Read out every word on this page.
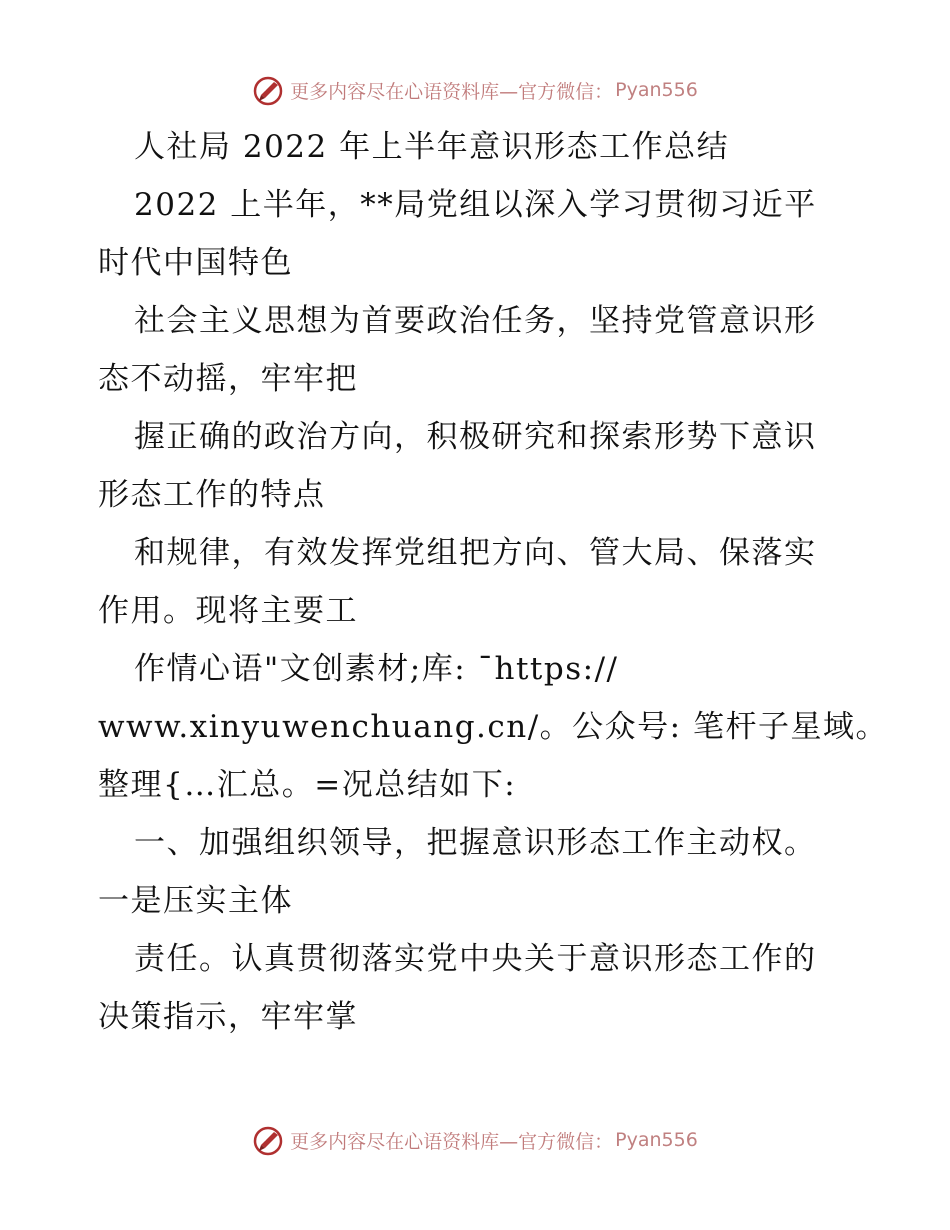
更多内容尽在心语资料库—官方微信： Pyan556
人社局 2022 年上半年意识形态工作总结
2022 上半年，**局党组以深入学习贯彻习近平
时代中国特色
社会主义思想为首要政治任务，坚持党管意识形
态不动摇，牢牢把
握正确的政治方向，积极研究和探索形势下意识
形态工作的特点
和规律，有效发挥党组把方向、管大局、保落实
作用。现将主要工
作情心语"文创素材;库: ¯https://
www.xinyuwenchuang.cn/。公众号: 笔杆子星域。
整理{…汇总。=况总结如下:
一、加强组织领导，把握意识形态工作主动权。
一是压实主体
责任。认真贯彻落实党中央关于意识形态工作的
决策指示，牢牢掌
更多内容尽在心语资料库—官方微信： Pyan556
